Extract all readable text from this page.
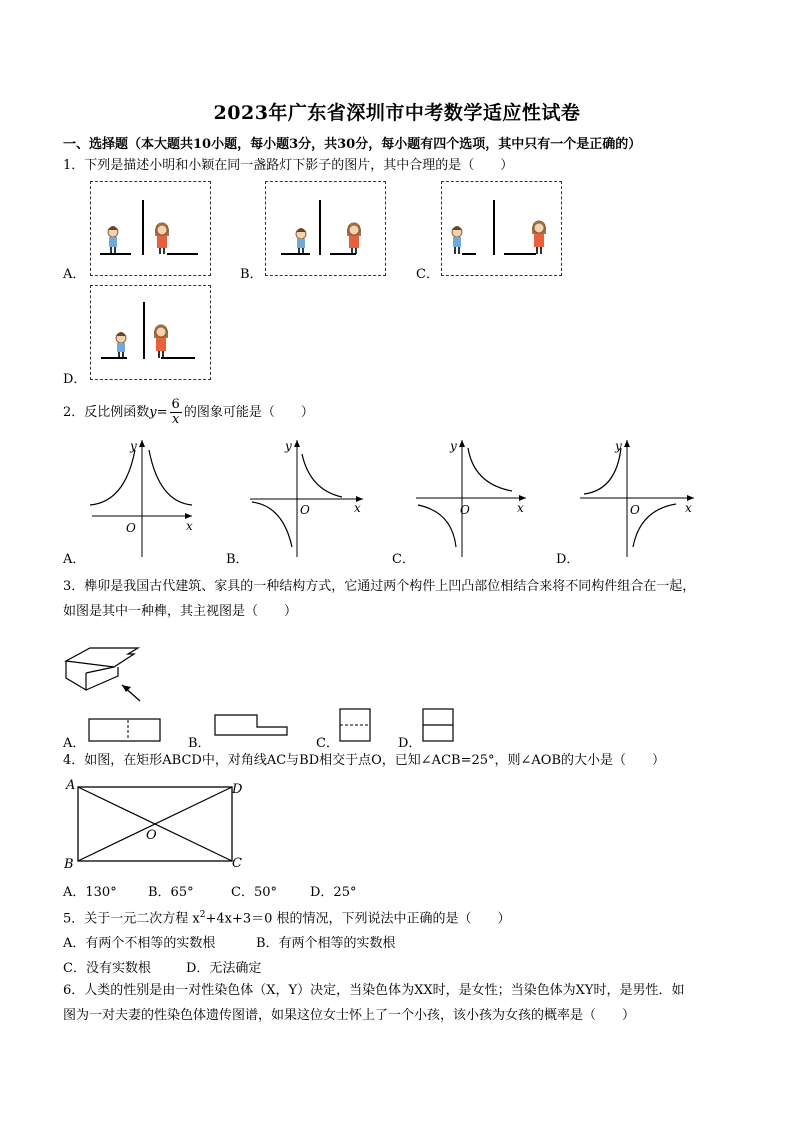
2023年广东省深圳市中考数学适应性试卷
一、选择题（本大题共10小题，每小题3分，共30分，每小题有四个选项，其中只有一个是正确的）
1．下列是描述小明和小颖在同一盏路灯下影子的图片，其中合理的是（　　）
A．	B．	C．
D．
2．反比例函数$y= \frac{6}{x}$ 的图象可能是（　　）
O	x
y
O	x
y
O	x
y
O	x
y
A．	B．	C．	D．
3．榫卯是我国古代建筑、家具的一种结构方式，它通过两个构件上凹凸部位相结合来将不同构件组合在一起，
如图是其中一种榫，其主视图是（　　）
A．	B．	C．	D．
4．如图，在矩形ABCD中，对角线AC与BD相交于点O，已知∠ACB=25°，则∠AOB的大小是（　　）
A	D
B	C
O
A．130° B．65°	C．50°	D．25°
5．关于一元二次方程 $x^2+4x+3=0$ 根的情况，下列说法中正确的是（　　）
A．有两个不相等的实数根	B．有两个相等的实数根
C．没有实数根	D．无法确定
6．人类的性别是由一对性染色体（X，Y）决定，当染色体为XX时，是女性；当染色体为XY时，是男性．如
图为一对夫妻的性染色体遗传图谱，如果这位女士怀上了一个小孩，该小孩为女孩的概率是（　　）
